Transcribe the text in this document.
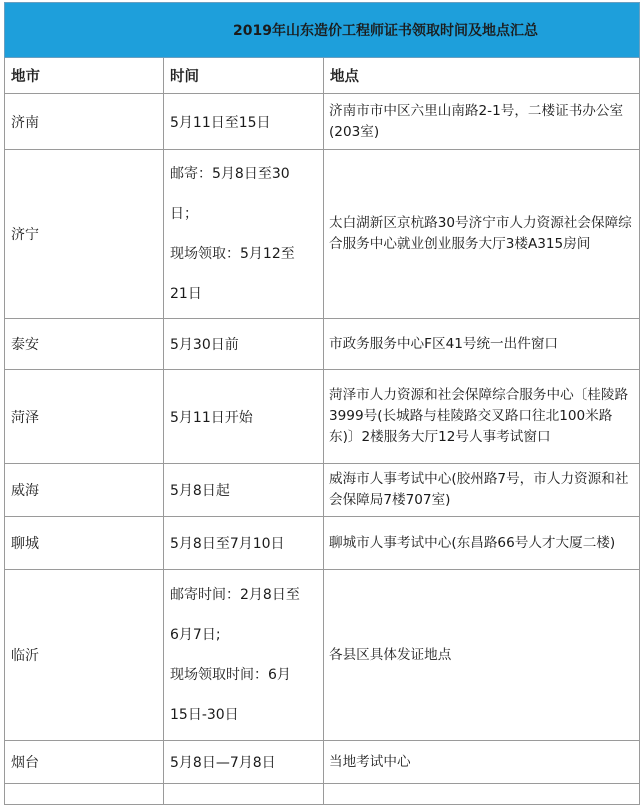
2019年山东造价工程师证书领取时间及地点汇总		
地市	时间	地点
济南	5月11日至15日	济南市市中区六里山南路2-1号，二楼证书办公室(203室)
济宁	邮寄：5月8日至30
日；
现场领取：5月12至
21日	太白湖新区京杭路30号济宁市人力资源社会保障综合服务中心就业创业服务大厅3楼A315房间
泰安	5月30日前	市政务服务中心F区41号统一出件窗口
菏泽	5月11日开始	菏泽市人力资源和社会保障综合服务中心〔桂陵路3999号(长城路与桂陵路交叉路口往北100米路东)〕2楼服务大厅12号人事考试窗口
威海	5月8日起	威海市人事考试中心(胶州路7号，市人力资源和社会保障局7楼707室)
聊城	5月8日至7月10日	聊城市人事考试中心(东昌路66号人才大厦二楼)
临沂	邮寄时间：2月8日至
6月7日;
现场领取时间：6月
15日-30日	各县区具体发证地点
烟台	5月8日—7月8日	当地考试中心
